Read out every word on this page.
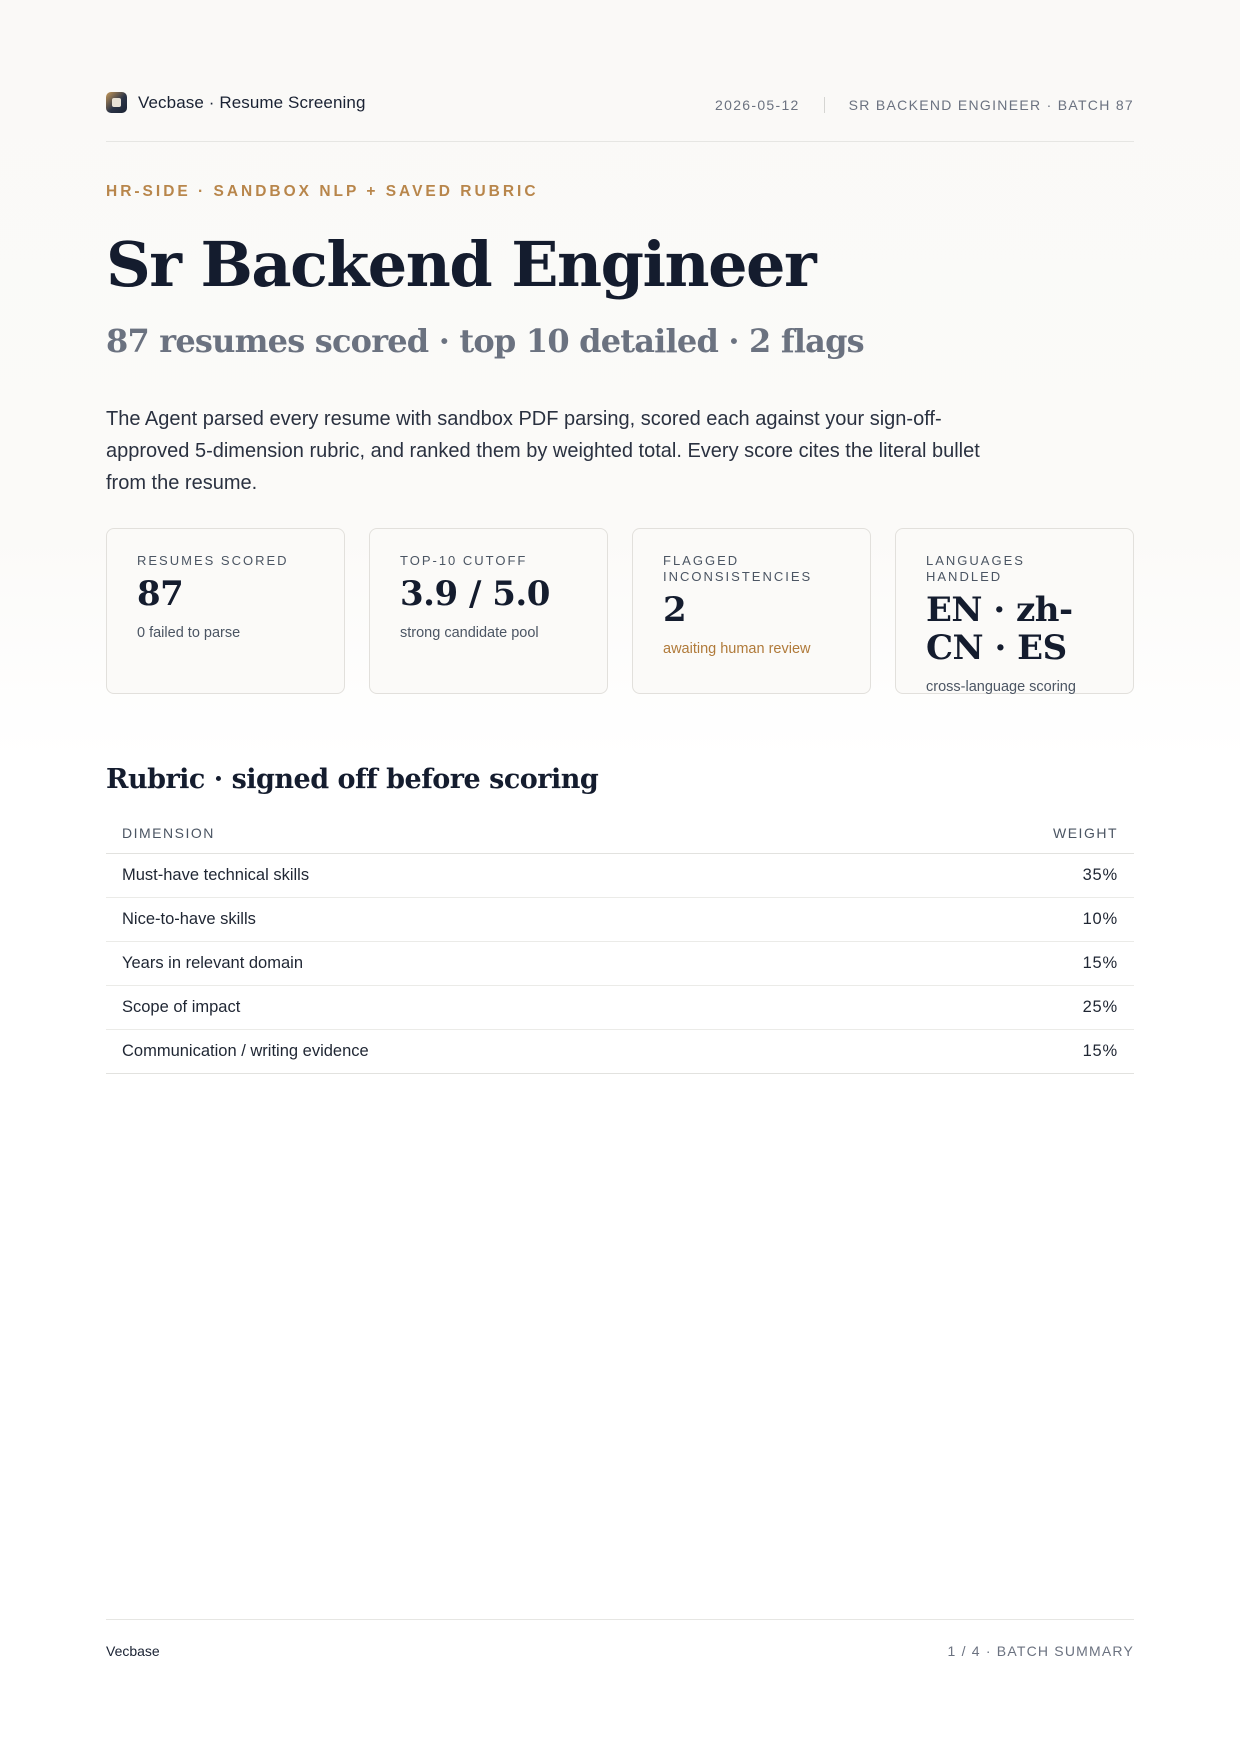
Vecbase · Resume Screening	2026-05-12	SR BACKEND ENGINEER · BATCH 87
HR-SIDE · SANDBOX NLP + SAVED RUBRIC
Sr Backend Engineer
87 resumes scored · top 10 detailed · 2 flags

The Agent parsed every resume with sandbox PDF parsing, scored each against your sign-off-approved 5-dimension rubric, and ranked them by weighted total. Every score cites the literal bullet from the resume.

RESUMES SCORED
87
0 failed to parse
TOP-10 CUTOFF
3.9 / 5.0
strong candidate pool
FLAGGED INCONSISTENCIES
2
awaiting human review
LANGUAGES HANDLED
EN · zh-CN · ES
cross-language scoring
Rubric · signed off before scoring
DIMENSION	WEIGHT
Must-have technical skills	35%
Nice-to-have skills	10%
Years in relevant domain	15%
Scope of impact	25%
Communication / writing evidence	15%
Vecbase	1 / 4 · BATCH SUMMARY
